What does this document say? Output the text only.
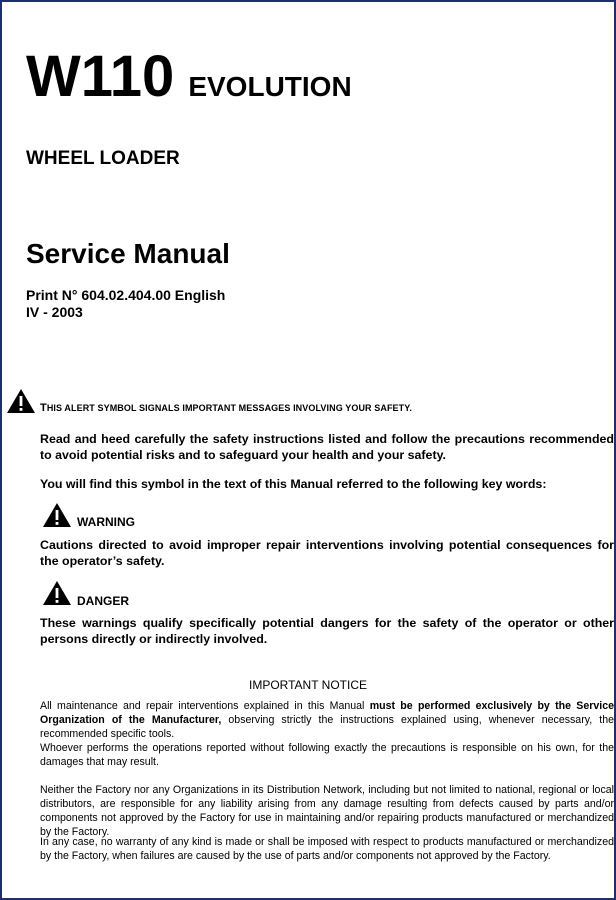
W110 EVOLUTION
WHEEL LOADER
Service Manual
Print N° 604.02.404.00 English
IV - 2003
THIS ALERT SYMBOL SIGNALS IMPORTANT MESSAGES INVOLVING YOUR SAFETY.
Read and heed carefully the safety instructions listed and follow the precautions recommended to avoid potential risks and to safeguard your health and your safety.
You will find this symbol in the text of this Manual referred to the following key words:
WARNING
Cautions directed to avoid improper repair interventions involving potential consequences for the operator’s safety.
DANGER
These warnings qualify specifically potential dangers for the safety of the operator or other persons directly or indirectly involved.
IMPORTANT NOTICE
All maintenance and repair interventions explained in this Manual must be performed exclusively by the Service Organization of the Manufacturer, observing strictly the instructions explained using, whenever necessary, the recommended specific tools.
Whoever performs the operations reported without following exactly the precautions is responsible on his own, for the damages that may result.
Neither the Factory nor any Organizations in its Distribution Network, including but not limited to national, regional or local distributors, are responsible for any liability arising from any damage resulting from defects caused by parts and/or components not approved by the Factory for use in maintaining and/or repairing products manufactured or merchandized by the Factory.
In any case, no warranty of any kind is made or shall be imposed with respect to products manufactured or merchandized by the Factory, when failures are caused by the use of parts and/or components not approved by the Factory.
